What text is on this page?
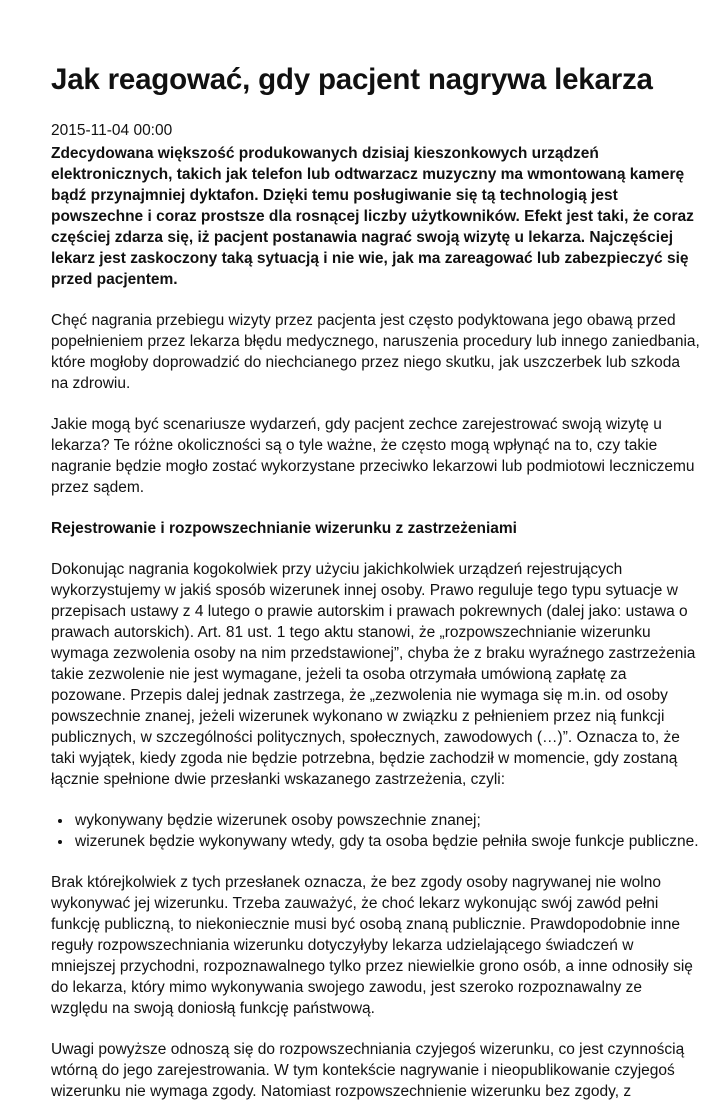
Jak reagować, gdy pacjent nagrywa lekarza
2015-11-04 00:00

Zdecydowana większość produkowanych dzisiaj kieszonkowych urządzeń elektronicznych, takich jak telefon lub odtwarzacz muzyczny ma wmontowaną kamerę bądź przynajmniej dyktafon. Dzięki temu posługiwanie się tą technologią jest powszechne i coraz prostsze dla rosnącej liczby użytkowników. Efekt jest taki, że coraz częściej zdarza się, iż pacjent postanawia nagrać swoją wizytę u lekarza. Najczęściej lekarz jest zaskoczony taką sytuacją i nie wie, jak ma zareagować lub zabezpieczyć się przed pacjentem.

Chęć nagrania przebiegu wizyty przez pacjenta jest często podyktowana jego obawą przed popełnieniem przez lekarza błędu medycznego, naruszenia procedury lub innego zaniedbania, które mogłoby doprowadzić do niechcianego przez niego skutku, jak uszczerbek lub szkoda na zdrowiu.

Jakie mogą być scenariusze wydarzeń, gdy pacjent zechce zarejestrować swoją wizytę u lekarza? Te różne okoliczności są o tyle ważne, że często mogą wpłynąć na to, czy takie nagranie będzie mogło zostać wykorzystane przeciwko lekarzowi lub podmiotowi leczniczemu przez sądem.

Rejestrowanie i rozpowszechnianie wizerunku z zastrzeżeniami

Dokonując nagrania kogokolwiek przy użyciu jakichkolwiek urządzeń rejestrujących wykorzystujemy w jakiś sposób wizerunek innej osoby. Prawo reguluje tego typu sytuacje w przepisach ustawy z 4 lutego o prawie autorskim i prawach pokrewnych (dalej jako: ustawa o prawach autorskich). Art. 81 ust. 1 tego aktu stanowi, że „rozpowszechnianie wizerunku wymaga zezwolenia osoby na nim przedstawionej”, chyba że z braku wyraźnego zastrzeżenia takie zezwolenie nie jest wymagane, jeżeli ta osoba otrzymała umówioną zapłatę za pozowane. Przepis dalej jednak zastrzega, że „zezwolenia nie wymaga się m.in. od osoby powszechnie znanej, jeżeli wizerunek wykonano w związku z pełnieniem przez nią funkcji publicznych, w szczególności politycznych, społecznych, zawodowych (…)”. Oznacza to, że taki wyjątek, kiedy zgoda nie będzie potrzebna, będzie zachodził w momencie, gdy zostaną łącznie spełnione dwie przesłanki wskazanego zastrzeżenia, czyli:

• wykonywany będzie wizerunek osoby powszechnie znanej;
• wizerunek będzie wykonywany wtedy, gdy ta osoba będzie pełniła swoje funkcje publiczne.

Brak którejkolwiek z tych przesłanek oznacza, że bez zgody osoby nagrywanej nie wolno wykonywać jej wizerunku. Trzeba zauważyć, że choć lekarz wykonując swój zawód pełni funkcję publiczną, to niekoniecznie musi być osobą znaną publicznie. Prawdopodobnie inne reguły rozpowszechniania wizerunku dotyczyłyby lekarza udzielającego świadczeń w mniejszej przychodni, rozpoznawalnego tylko przez niewielkie grono osób, a inne odnosiły się do lekarza, który mimo wykonywania swojego zawodu, jest szeroko rozpoznawalny ze względu na swoją doniosłą funkcję państwową.

Uwagi powyższe odnoszą się do rozpowszechniania czyjegoś wizerunku, co jest czynnością wtórną do jego zarejestrowania. W tym kontekście nagrywanie i nieopublikowanie czyjegoś wizerunku nie wymaga zgody. Natomiast rozpowszechnienie wizerunku bez zgody, z
